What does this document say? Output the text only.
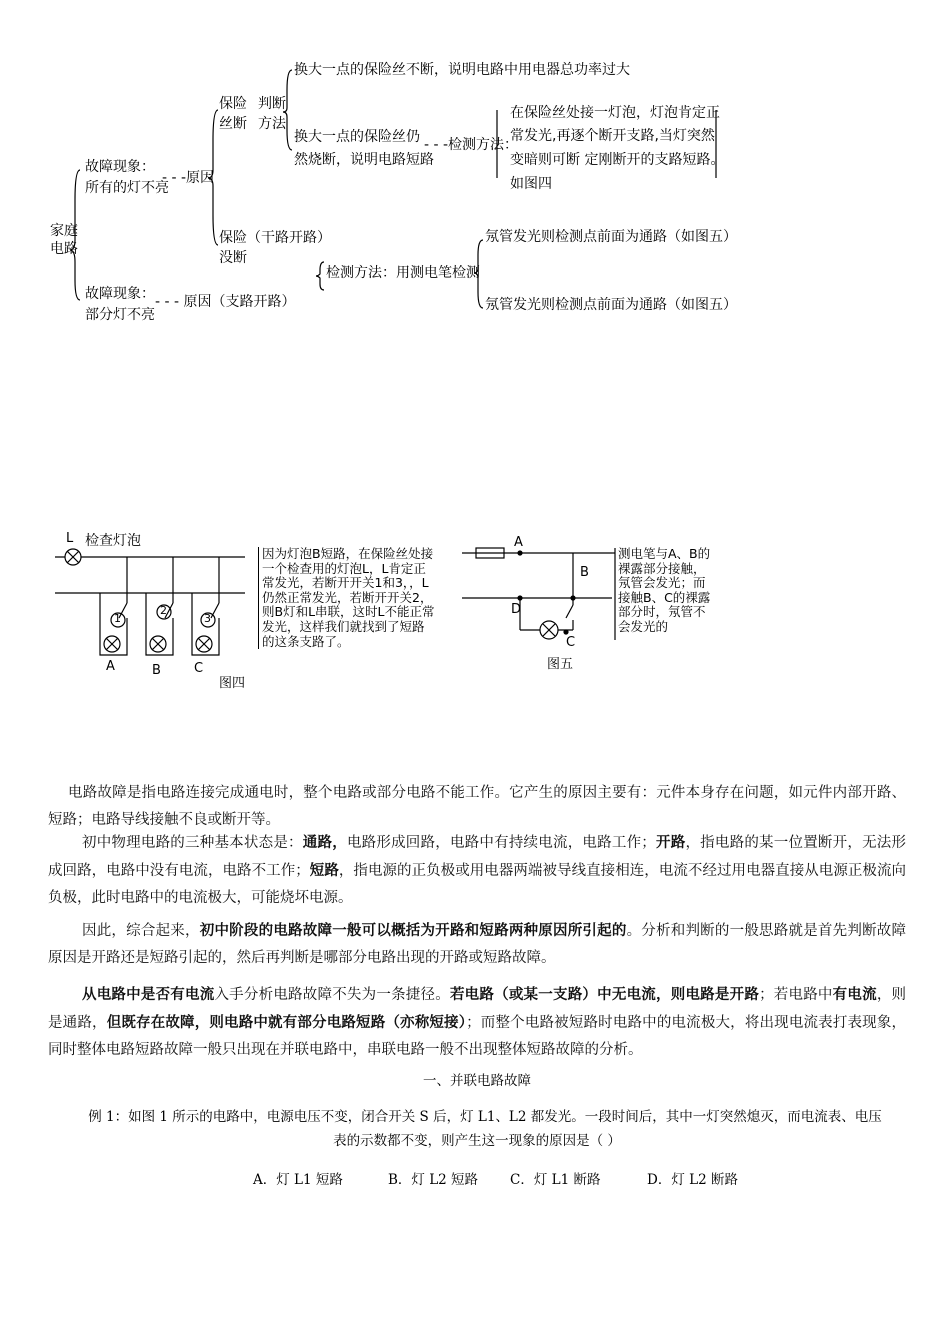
家庭
电路
故障现象：
所有的灯不亮
- - -原因
保险
丝断
判断
方法
换大一点的保险丝不断，说明电路中用电器总功率过大
换大一点的保险丝仍
然烧断，说明电路短路
- - -检测方法：
在保险丝处接一灯泡，灯泡肯定正
常发光,再逐个断开支路,当灯突然
变暗则可断 定刚断开的支路短路。
如图四
保险（干路开路）
没断
检测方法：用测电笔检测
氖管发光则检测点前面为通路（如图五）
氖管发光则检测点前面为通路（如图五）
故障现象：
部分灯不亮
- - - 原因（支路开路）
L 检查灯泡
1
2
3
A	B	C
图四
因为灯泡B短路，在保险丝处接
一个检查用的灯泡L，L肯定正
常发光，若断开开关1和3，，L
仍然正常发光，若断开开关2，
则B灯和L串联，这时L不能正常
发光，这样我们就找到了短路
的这条支路了。
A
B
D
C
图五
测电笔与A、B的
裸露部分接触，
氖管会发光；而
接触B、C的裸露
部分时，氖管不
会发光的
电路故障是指电路连接完成通电时，整个电路或部分电路不能工作。它产生的原因主要有：元件本身存在问题，如元件内部开路、短路；电路导线接触不良或断开等。
初中物理电路的三种基本状态是：通路，电路形成回路，电路中有持续电流，电路工作；开路，指电路的某一位置断开，无法形成回路，电路中没有电流，电路不工作；短路，指电源的正负极或用电器两端被导线直接相连，电流不经过用电器直接从电源正极流向负极，此时电路中的电流极大，可能烧坏电源。
因此，综合起来，初中阶段的电路故障一般可以概括为开路和短路两种原因所引起的。分析和判断的一般思路就是首先判断故障原因是开路还是短路引起的，然后再判断是哪部分电路出现的开路或短路故障。
从电路中是否有电流入手分析电路故障不失为一条捷径。若电路（或某一支路）中无电流，则电路是开路；若电路中有电流，则是通路，但既存在故障，则电路中就有部分电路短路（亦称短接）；而整个电路被短路时电路中的电流极大，将出现电流表打表现象，同时整体电路短路故障一般只出现在并联电路中，串联电路一般不出现整体短路故障的分析。
一、并联电路故障
例 1：如图 1 所示的电路中，电源电压不变，闭合开关 S 后，灯 L1、L2 都发光。一段时间后，其中一灯突然熄灭，而电流表、电压表的示数都不变，则产生这一现象的原因是（ ）
A．灯 L1 短路	B．灯 L2 短路 C．灯 L1 断路	D．灯 L2 断路
